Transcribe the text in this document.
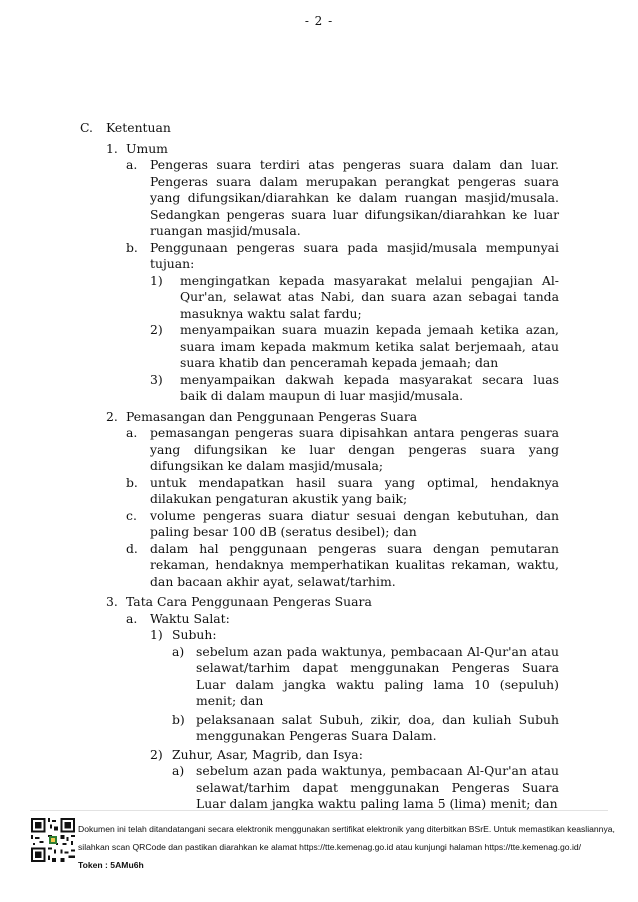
- 2 -
C. Ketentuan
1. Umum
a. Pengeras suara terdiri atas pengeras suara dalam dan luar. Pengeras suara dalam merupakan perangkat pengeras suara yang difungsikan/diarahkan ke dalam ruangan masjid/musala. Sedangkan pengeras suara luar difungsikan/diarahkan ke luar ruangan masjid/musala.
b. Penggunaan pengeras suara pada masjid/musala mempunyai tujuan:
1) mengingatkan kepada masyarakat melalui pengajian Al-Qur'an, selawat atas Nabi, dan suara azan sebagai tanda masuknya waktu salat fardu;
2) menyampaikan suara muazin kepada jemaah ketika azan, suara imam kepada makmum ketika salat berjemaah, atau suara khatib dan penceramah kepada jemaah; dan
3) menyampaikan dakwah kepada masyarakat secara luas baik di dalam maupun di luar masjid/musala.
2. Pemasangan dan Penggunaan Pengeras Suara
a. pemasangan pengeras suara dipisahkan antara pengeras suara yang difungsikan ke luar dengan pengeras suara yang difungsikan ke dalam masjid/musala;
b. untuk mendapatkan hasil suara yang optimal, hendaknya dilakukan pengaturan akustik yang baik;
c. volume pengeras suara diatur sesuai dengan kebutuhan, dan paling besar 100 dB (seratus desibel); dan
d. dalam hal penggunaan pengeras suara dengan pemutaran rekaman, hendaknya memperhatikan kualitas rekaman, waktu, dan bacaan akhir ayat, selawat/tarhim.
3. Tata Cara Penggunaan Pengeras Suara
a. Waktu Salat:
1) Subuh:
a) sebelum azan pada waktunya, pembacaan Al-Qur'an atau selawat/tarhim dapat menggunakan Pengeras Suara Luar dalam jangka waktu paling lama 10 (sepuluh) menit; dan
b) pelaksanaan salat Subuh, zikir, doa, dan kuliah Subuh menggunakan Pengeras Suara Dalam.
2) Zuhur, Asar, Magrib, dan Isya:
a) sebelum azan pada waktunya, pembacaan Al-Qur'an atau selawat/tarhim dapat menggunakan Pengeras Suara Luar dalam jangka waktu paling lama 5 (lima) menit; dan
Dokumen ini telah ditandatangani secara elektronik menggunakan sertifikat elektronik yang diterbitkan BSrE. Untuk memastikan keasliannya,
silahkan scan QRCode dan pastikan diarahkan ke alamat https://tte.kemenag.go.id atau kunjungi halaman https://tte.kemenag.go.id/
Token : 5AMu6h
